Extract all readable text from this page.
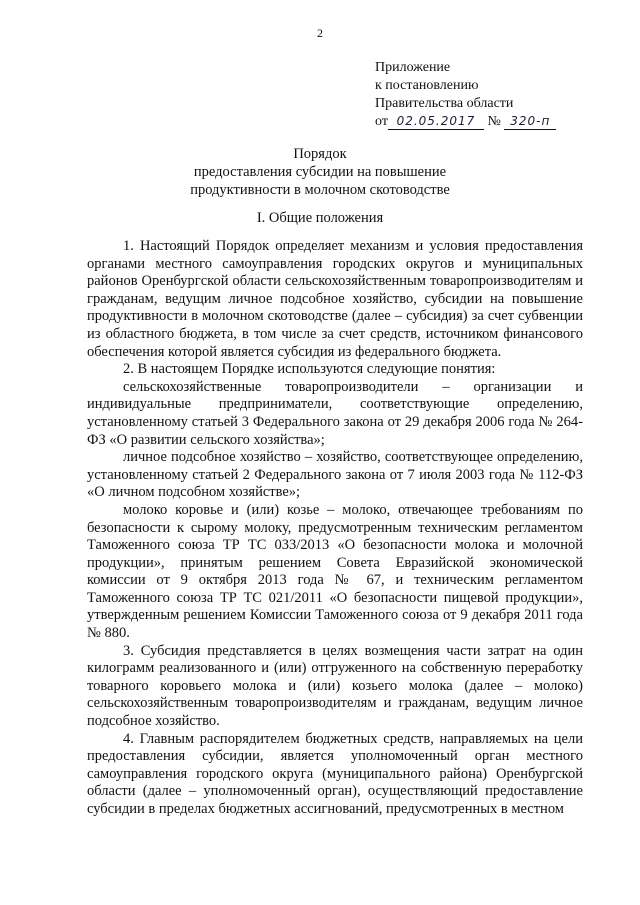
2

Приложение
к постановлению
Правительства области
от 02.05.2017 № 320-п
Порядок
предоставления субсидии на повышение
продуктивности в молочном скотоводстве

I. Общие положения

1. Настоящий Порядок определяет механизм и условия предоставления органами местного самоуправления городских округов и муниципальных районов Оренбургской области сельскохозяйственным товаропроизводителям и гражданам, ведущим личное подсобное хозяйство, субсидии на повышение продуктивности в молочном скотоводстве (далее – субсидия) за счет субвенции из областного бюджета, в том числе за счет средств, источником финансового обеспечения которой является субсидия из федерального бюджета.

2. В настоящем Порядке используются следующие понятия:

сельскохозяйственные товаропроизводители – организации и индивидуальные предприниматели, соответствующие определению, установленному статьей 3 Федерального закона от 29 декабря 2006 года № 264-ФЗ «О развитии сельского хозяйства»;

личное подсобное хозяйство – хозяйство, соответствующее определению, установленному статьей 2 Федерального закона от 7 июля 2003 года № 112-ФЗ «О личном подсобном хозяйстве»;

молоко коровье и (или) козье – молоко, отвечающее требованиям по безопасности к сырому молоку, предусмотренным техническим регламентом Таможенного союза ТР ТС 033/2013 «О безопасности молока и молочной продукции», принятым решением Совета Евразийской экономической комиссии от 9 октября 2013 года № 67, и техническим регламентом Таможенного союза ТР ТС 021/2011 «О безопасности пищевой продукции», утвержденным решением Комиссии Таможенного союза от 9 декабря 2011 года № 880.

3. Субсидия представляется в целях возмещения части затрат на один килограмм реализованного и (или) отгруженного на собственную переработку товарного коровьего молока и (или) козьего молока (далее – молоко) сельскохозяйственным товаропроизводителям и гражданам, ведущим личное подсобное хозяйство.

4. Главным распорядителем бюджетных средств, направляемых на цели предоставления субсидии, является уполномоченный орган местного самоуправления городского округа (муниципального района) Оренбургской области (далее – уполномоченный орган), осуществляющий предоставление субсидии в пределах бюджетных ассигнований, предусмотренных в местном
